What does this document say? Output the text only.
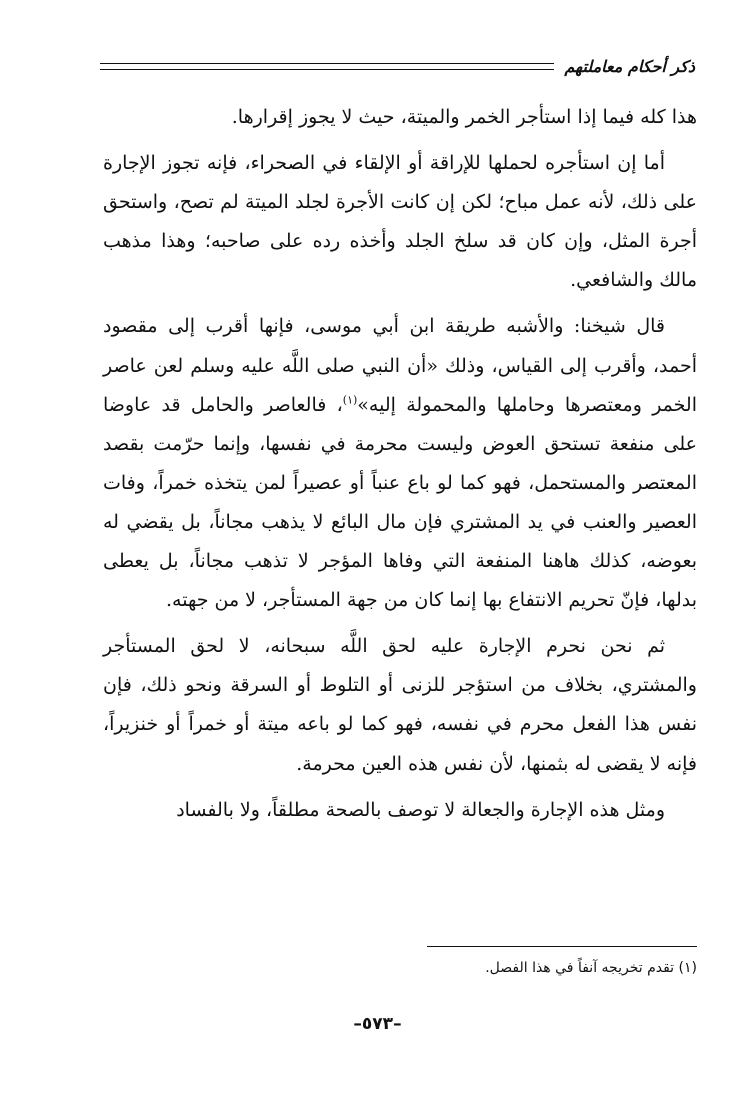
ذكر أحكام معاملتهم

هذا كله فيما إذا استأجر الخمر والميتة، حيث لا يجوز إقرارها.

أما إن استأجره لحملها للإراقة أو الإلقاء في الصحراء، فإنه تجوز الإجارة على ذلك، لأنه عمل مباح؛ لكن إن كانت الأجرة لجلد الميتة لم تصح، واستحق أجرة المثل، وإن كان قد سلخ الجلد وأخذه رده على صاحبه؛ وهذا مذهب مالك والشافعي.

قال شيخنا: والأشبه طريقة ابن أبي موسى، فإنها أقرب إلى مقصود أحمد، وأقرب إلى القياس، وذلك «أن النبي صلى اللَّه عليه وسلم لعن عاصر الخمر ومعتصرها وحاملها والمحمولة إليه»$^{(١)}$، فالعاصر والحامل قد عاوضا على منفعة تستحق العوض وليست محرمة في نفسها، وإنما حرّمت بقصد المعتصر والمستحمل، فهو كما لو باع عنباً أو عصيراً لمن يتخذه خمراً، وفات العصير والعنب في يد المشتري فإن مال البائع لا يذهب مجاناً، بل يقضي له بعوضه، كذلك هاهنا المنفعة التي وفاها المؤجر لا تذهب مجاناً، بل يعطى بدلها، فإنّ تحريم الانتفاع بها إنما كان من جهة المستأجر، لا من جهته.

ثم نحن نحرم الإجارة عليه لحق اللَّه سبحانه، لا لحق المستأجر والمشتري، بخلاف من استؤجر للزنى أو التلوط أو السرقة ونحو ذلك، فإن نفس هذا الفعل محرم في نفسه، فهو كما لو باعه ميتة أو خمراً أو خنزيراً، فإنه لا يقضى له بثمنها، لأن نفس هذه العين محرمة.

ومثل هذه الإجارة والجعالة لا توصف بالصحة مطلقاً، ولا بالفساد

(١) تقدم تخريجه آنفاً في هذا الفصل.
–٥٧٣–
